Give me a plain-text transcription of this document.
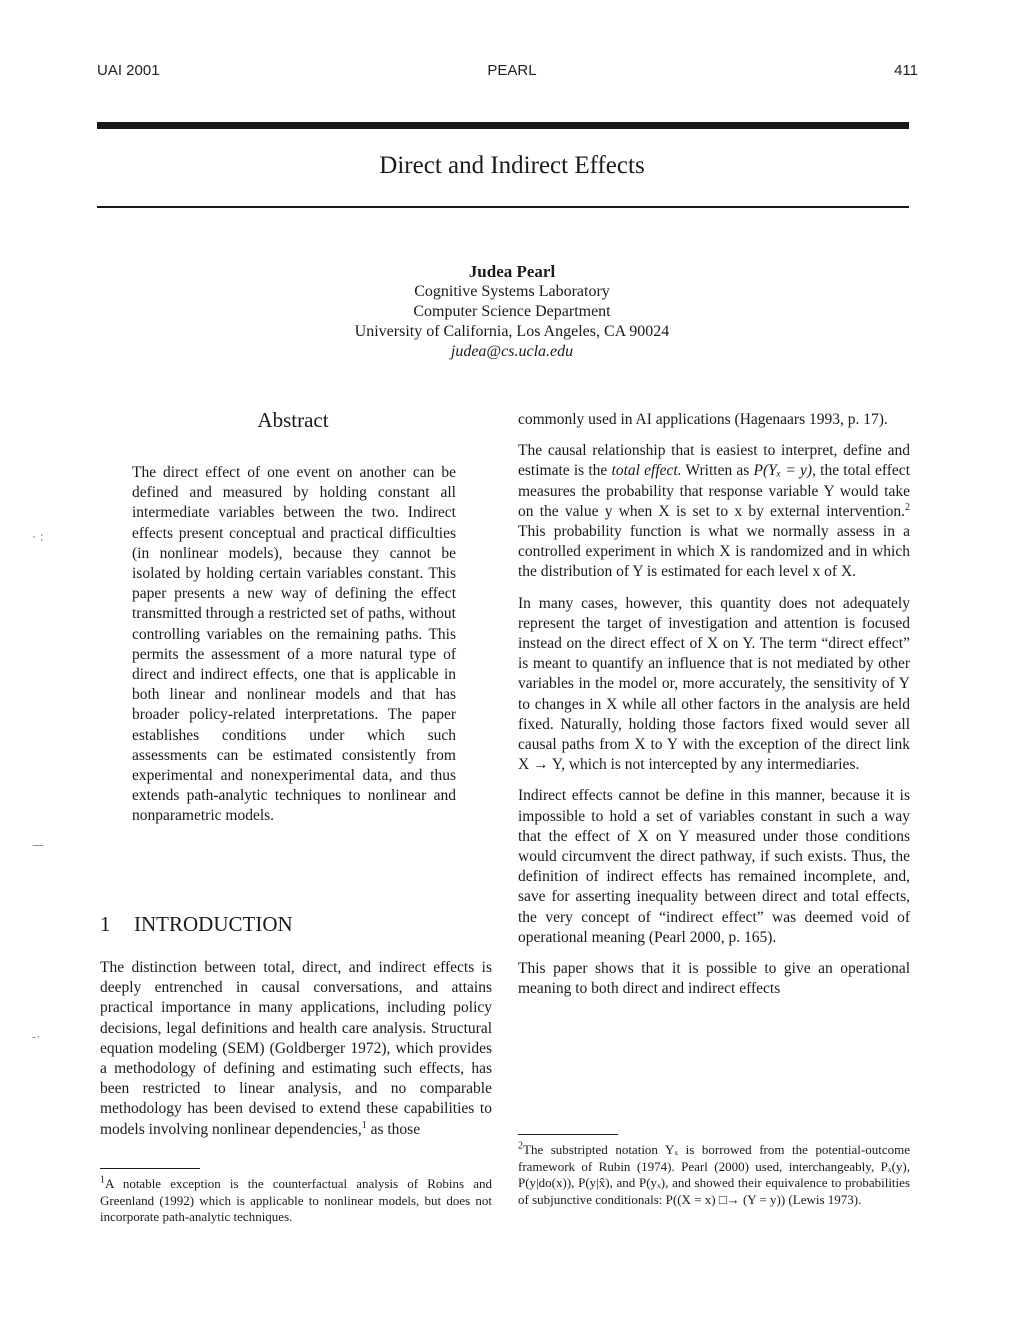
UAI 2001	PEARL	411
Direct and Indirect Effects
Judea Pearl
Cognitive Systems Laboratory
Computer Science Department
University of California, Los Angeles, CA 90024
judea@cs.ucla.edu
Abstract

The direct effect of one event on another can be defined and measured by holding constant all intermediate variables between the two. Indirect effects present conceptual and practical difficulties (in nonlinear models), because they cannot be isolated by holding certain variables constant. This paper presents a new way of defining the effect transmitted through a restricted set of paths, without controlling variables on the remaining paths. This permits the assessment of a more natural type of direct and indirect effects, one that is applicable in both linear and nonlinear models and that has broader policy-related interpretations. The paper establishes conditions under which such assessments can be estimated consistently from experimental and nonexperimental data, and thus extends path-analytic techniques to nonlinear and nonparametric models.

1 INTRODUCTION

The distinction between total, direct, and indirect effects is deeply entrenched in causal conversations, and attains practical importance in many applications, including policy decisions, legal definitions and health care analysis. Structural equation modeling (SEM) (Goldberger 1972), which provides a methodology of defining and estimating such effects, has been restricted to linear analysis, and no comparable methodology has been devised to extend these capabilities to models involving nonlinear dependencies,$^1$ as those

commonly used in AI applications (Hagenaars 1993, p. 17).

The causal relationship that is easiest to interpret, define and estimate is the total effect. Written as P(Yₓ = y), the total effect measures the probability that response variable Y would take on the value y when X is set to x by external intervention.$^2$ This probability function is what we normally assess in a controlled experiment in which X is randomized and in which the distribution of Y is estimated for each level x of X.

In many cases, however, this quantity does not adequately represent the target of investigation and attention is focused instead on the direct effect of X on Y. The term “direct effect” is meant to quantify an influence that is not mediated by other variables in the model or, more accurately, the sensitivity of Y to changes in X while all other factors in the analysis are held fixed. Naturally, holding those factors fixed would sever all causal paths from X to Y with the exception of the direct link X → Y, which is not intercepted by any intermediaries.

Indirect effects cannot be define in this manner, because it is impossible to hold a set of variables constant in such a way that the effect of X on Y measured under those conditions would circumvent the direct pathway, if such exists. Thus, the definition of indirect effects has remained incomplete, and, save for asserting inequality between direct and total effects, the very concept of “indirect effect” was deemed void of operational meaning (Pearl 2000, p. 165).

This paper shows that it is possible to give an operational meaning to both direct and indirect effects

$^1$A notable exception is the counterfactual analysis of Robins and Greenland (1992) which is applicable to nonlinear models, but does not incorporate path-analytic techniques.
$^2$The substripted notation Yₓ is borrowed from the potential-outcome framework of Rubin (1974). Pearl (2000) used, interchangeably, Pₓ(y), P(y|do(x)), P(y|x̂), and P(yₓ), and showed their equivalence to probabilities of subjunctive conditionals: P((X = x) □→ (Y = y)) (Lewis 1973).
· :
—
-·
